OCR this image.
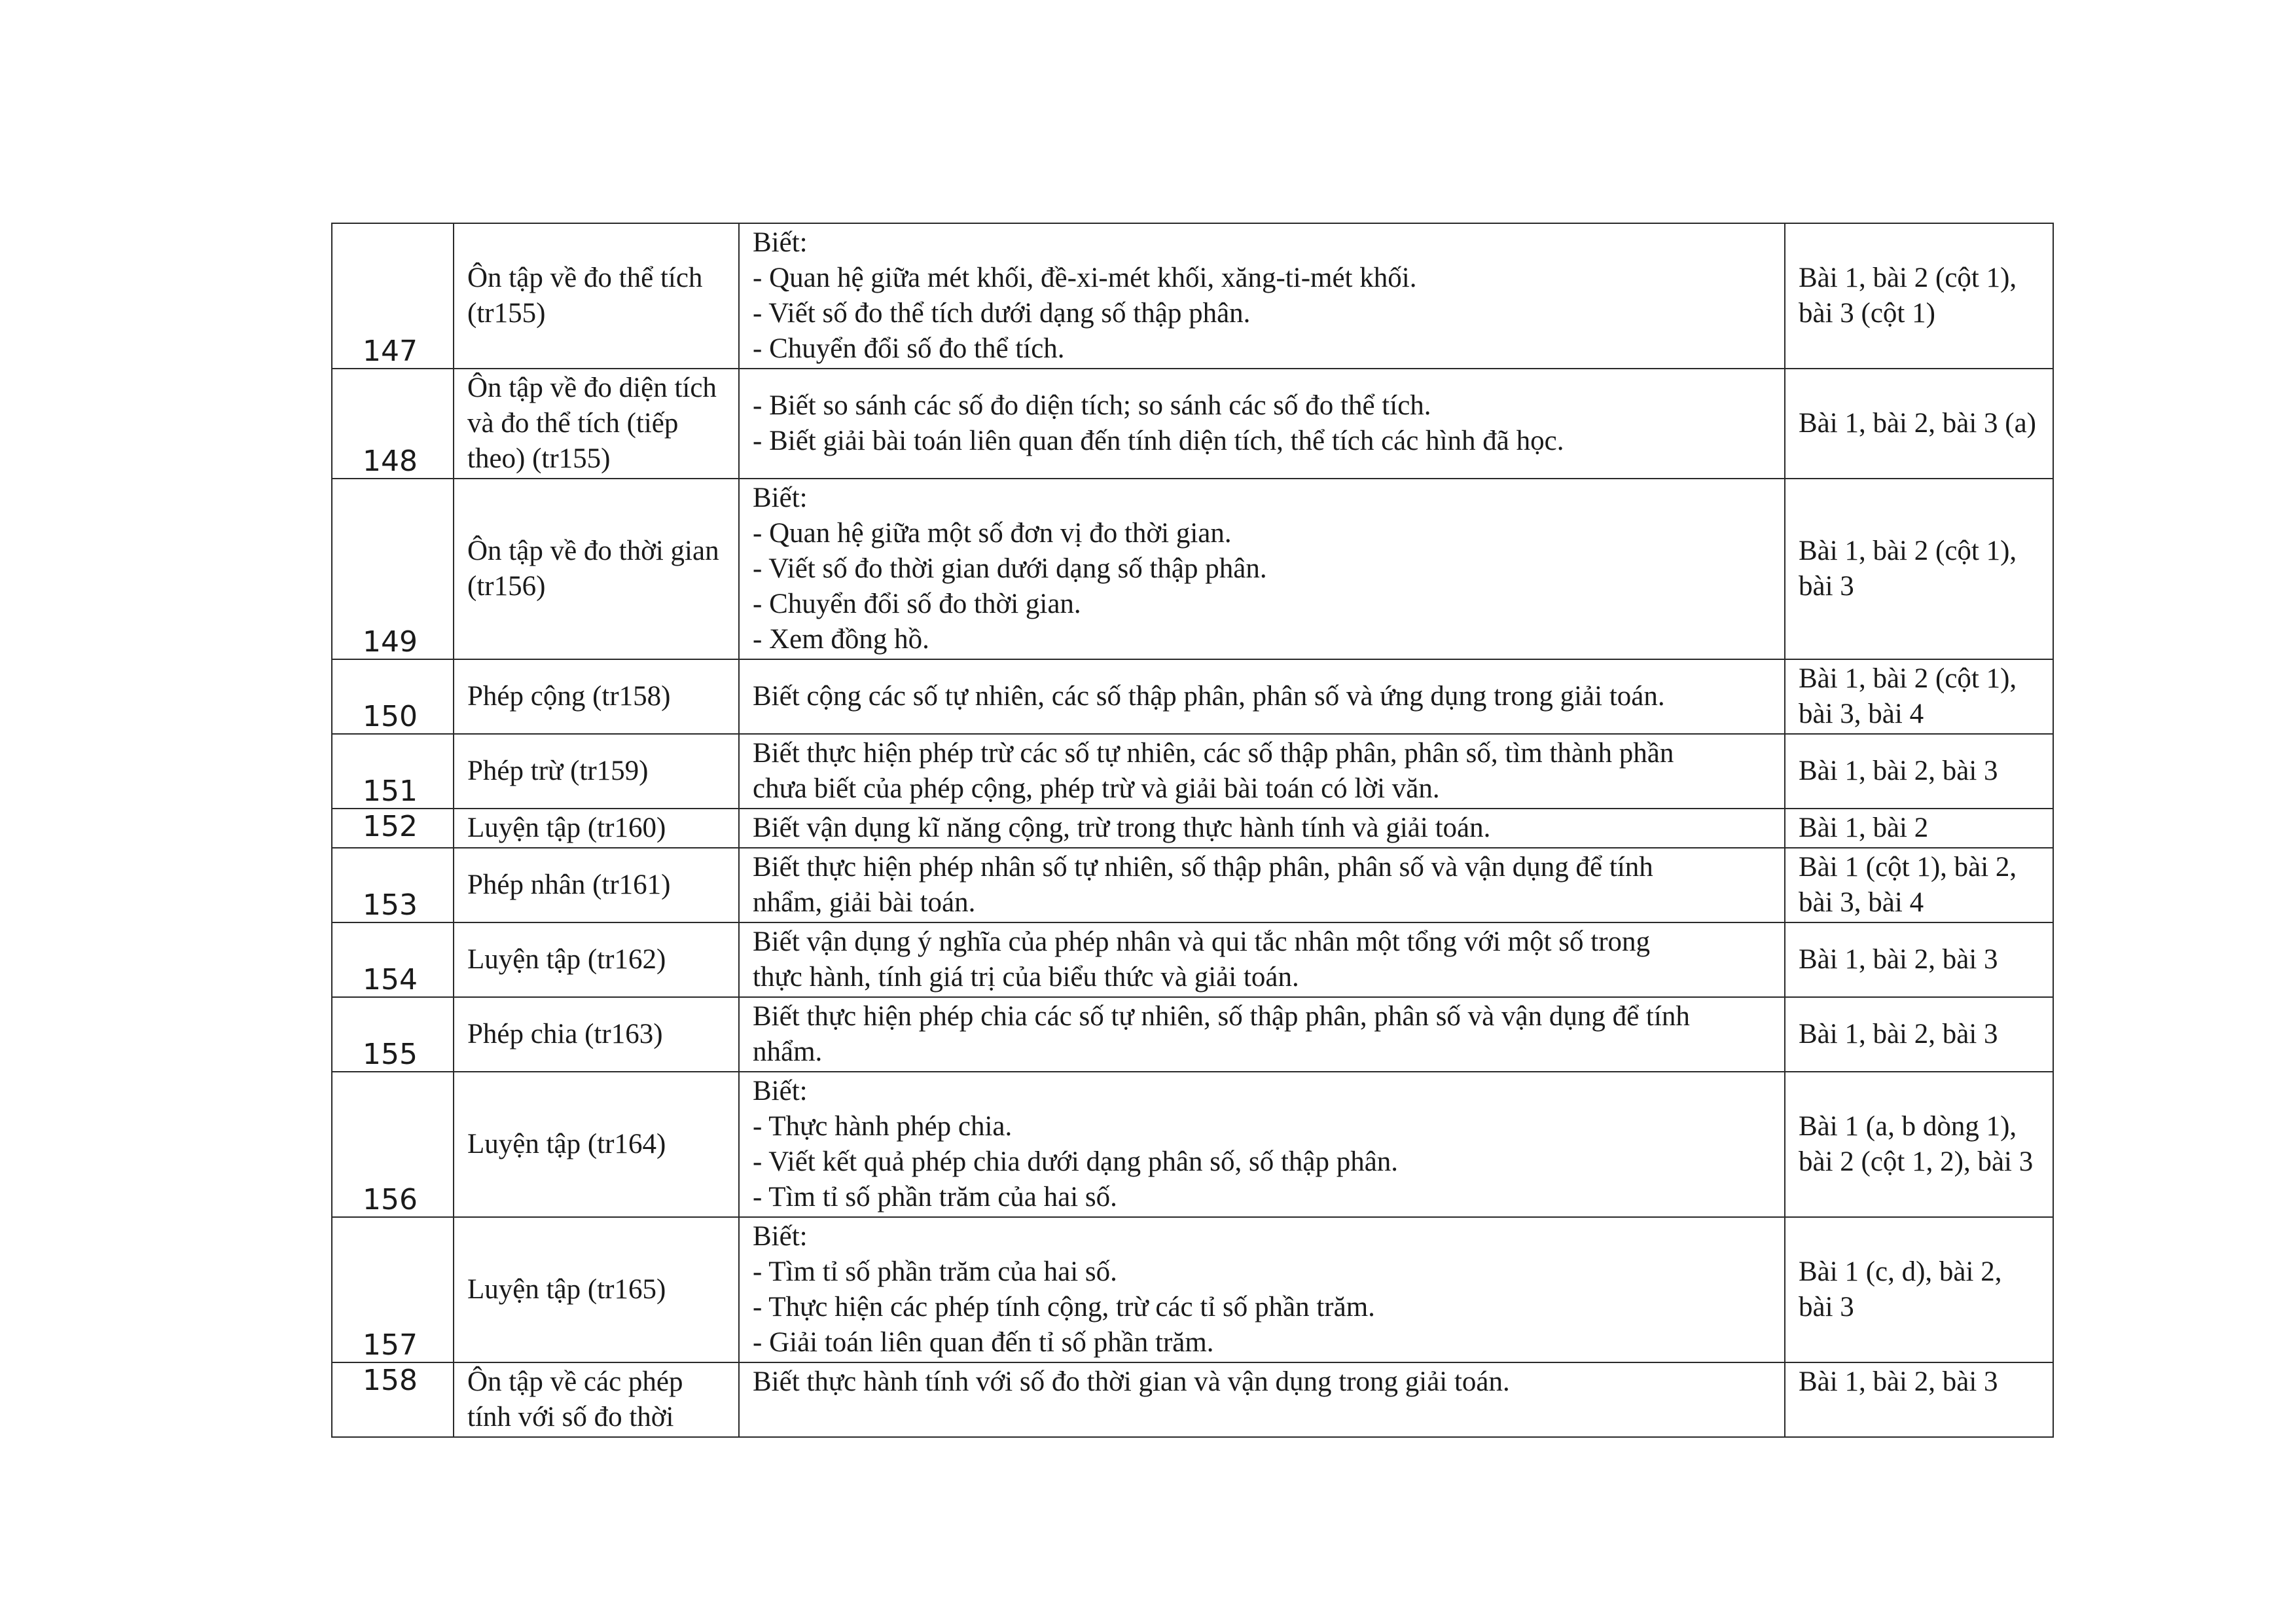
147	Ôn tập về đo thể tích (tr155)	Biết:
- Quan hệ giữa mét khối, đề-xi-mét khối, xăng-ti-mét khối.
- Viết số đo thể tích dưới dạng số thập phân.
- Chuyển đổi số đo thể tích.	Bài 1, bài 2 (cột 1), bài 3 (cột 1)
148	Ôn tập về đo diện tích và đo thể tích (tiếp theo) (tr155)	- Biết so sánh các số đo diện tích; so sánh các số đo thể tích.
- Biết giải bài toán liên quan đến tính diện tích, thể tích các hình đã học.	Bài 1, bài 2, bài 3 (a)
149	Ôn tập về đo thời gian (tr156)	Biết:
- Quan hệ giữa một số đơn vị đo thời gian.
- Viết số đo thời gian dưới dạng số thập phân.
- Chuyển đổi số đo thời gian.
- Xem đồng hồ.	Bài 1, bài 2 (cột 1), bài 3
150	Phép cộng (tr158)	Biết cộng các số tự nhiên, các số thập phân, phân số và ứng dụng trong giải toán.	Bài 1, bài 2 (cột 1), bài 3, bài 4
151	Phép trừ (tr159)	Biết thực hiện phép trừ các số tự nhiên, các số thập phân, phân số, tìm thành phần
chưa biết của phép cộng, phép trừ và giải bài toán có lời văn.	Bài 1, bài 2, bài 3
152	Luyện tập (tr160)	Biết vận dụng kĩ năng cộng, trừ trong thực hành tính và giải toán.	Bài 1, bài 2
153	Phép nhân (tr161)	Biết thực hiện phép nhân số tự nhiên, số thập phân, phân số và vận dụng để tính
nhẩm, giải bài toán.	Bài 1 (cột 1), bài 2, bài 3, bài 4
154	Luyện tập (tr162)	Biết vận dụng ý nghĩa của phép nhân và qui tắc nhân một tổng với một số trong
thực hành, tính giá trị của biểu thức và giải toán.	Bài 1, bài 2, bài 3
155	Phép chia (tr163)	Biết thực hiện phép chia các số tự nhiên, số thập phân, phân số và vận dụng để tính
nhẩm.	Bài 1, bài 2, bài 3
156	Luyện tập (tr164)	Biết:
- Thực hành phép chia.
- Viết kết quả phép chia dưới dạng phân số, số thập phân.
- Tìm tỉ số phần trăm của hai số.	Bài 1 (a, b dòng 1), bài 2 (cột 1, 2), bài 3
157	Luyện tập (tr165)	Biết:
- Tìm tỉ số phần trăm của hai số.
- Thực hiện các phép tính cộng, trừ các tỉ số phần trăm.
- Giải toán liên quan đến tỉ số phần trăm.	Bài 1 (c, d), bài 2, bài 3
158	Ôn tập về các phép tính với số đo thời	Biết thực hành tính với số đo thời gian và vận dụng trong giải toán.	Bài 1, bài 2, bài 3
